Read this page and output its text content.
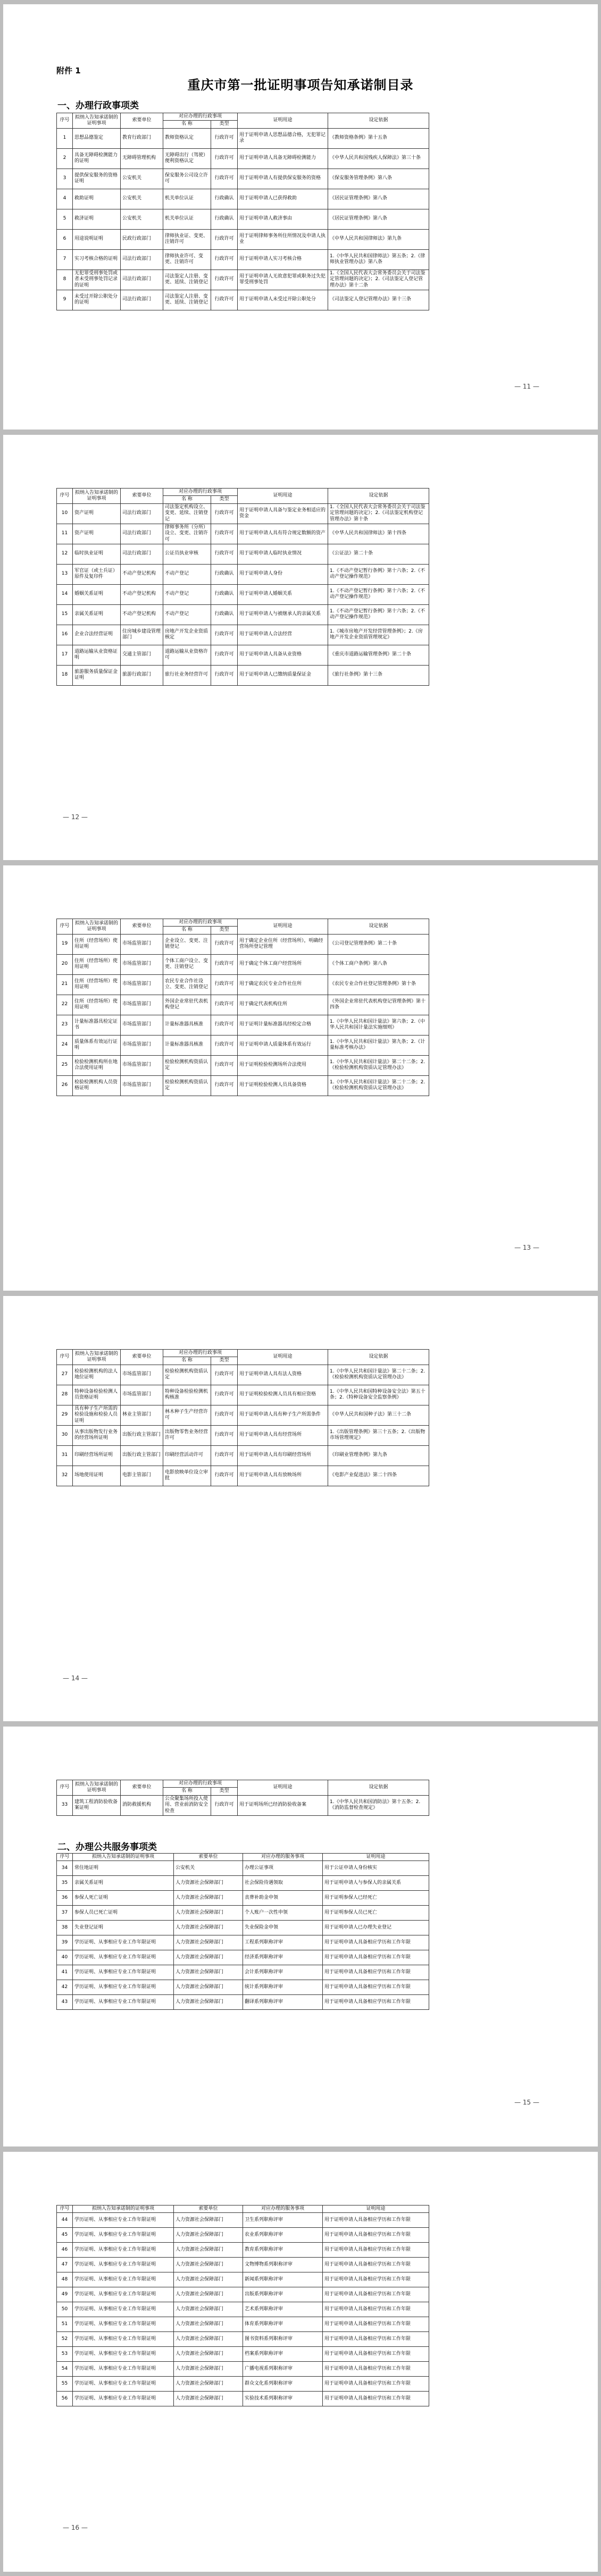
附件 1
重庆市第一批证明事项告知承诺制目录
一、办理行政事项类
序号	拟纳入告知承诺制的证明事项	索要单位	对应办理的行政事项		证明用途	设定依据
			名 称	类型		
1	思想品德鉴定	教育行政部门	教师资格认定	行政许可	用于证明申请人思想品德合格，无犯罪记录	《教师资格条例》第十五条
2	具备无障碍检测能力的证明	无障碍管理机构	无障碍出行（驾驶）便利资格认定	行政许可	用于证明申请人具备无障碍检测能力	《中华人民共和国残疾人保障法》第三十条
3	提供保安服务的资格证明	公安机关	保安服务公司设立许可	行政许可	用于证明申请人有提供保安服务的资格	《保安服务管理条例》第八条
4	救助证明	公安机关	机关单位认证	行政确认	用于证明申请人已获得救助	《居民证管理条例》第八条
5	救济证明	公安机关	机关单位认证	行政确认	用于证明申请人救济事由	《居民证管理条例》第八条
6	用途说明证明	民政行政部门	律师执业证、变更、注销许可	行政许可	用于证明律师事务所住所情况及申请人执业	《中华人民共和国律师法》第九条
7	实习考核合格的证明	司法行政部门	律师执业许可、变更、注销许可	行政许可	用于证明申请人实习考核合格	1.《中华人民共和国律师法》第五条；2.《律师执业管理办法》第八条
8	无犯罪受刑事处罚或者未受刑事处罚记录的证明	司法行政部门	司法鉴定人注册、变更、延续、注销登记	行政许可	用于证明申请人无故意犯罪或职务过失犯罪受刑事处罚	1.《全国人民代表大会常务委员会关于司法鉴定管理问题的决定》；2.《司法鉴定人登记管理办法》第十二条
9	未受过开除公职处分的证明	司法行政部门	司法鉴定人注册、变更、延续、注销登记	行政许可	用于证明申请人未受过开除公职处分	《司法鉴定人登记管理办法》第十三条
— 11 —
序号	拟纳入告知承诺制的证明事项	索要单位	对应办理的行政事项		证明用途	设定依据
			名 称	类型		
10	资产证明	司法行政部门	司法鉴定机构设立、变更、延续、注销登记	行政许可	用于证明申请人具备与鉴定业务相适应的资金	1.《全国人民代表大会常务委员会关于司法鉴定管理问题的决定》；2.《司法鉴定机构登记管理办法》第十条
11	资产证明	司法行政部门	律师事务所（分所）设立、变更、注销许可	行政许可	用于证明申请人具有符合规定数额的资产	《中华人民共和国律师法》第十四条
12	临时执业证明	司法行政部门	公证员执业审核	行政许可	用于证明申请人临时执业情况	《公证法》第二十条
13	军官证（或士兵证）原件及复印件	不动产登记机构	不动产登记	行政确认	用于证明申请人身份	1.《不动产登记暂行条例》第十六条；2.《不动产登记操作规范》
14	婚姻关系证明	不动产登记机构	不动产登记	行政确认	用于证明申请人婚姻关系	1.《不动产登记暂行条例》第十六条；2.《不动产登记操作规范》
15	亲属关系证明	不动产登记机构	不动产登记	行政确认	用于证明申请人与被继承人的亲属关系	1.《不动产登记暂行条例》第十六条；2.《不动产登记操作规范》
16	企业合法经营证明	住房城乡建设管理部门	房地产开发企业资质核定	行政许可	用于证明申请人合法经营	1.《城市房地产开发经营管理条例》；2.《房地产开发企业资质管理规定》
17	道路运输从业资格证明	交通主管部门	道路运输从业资格许可	行政许可	用于证明申请人具备从业资格	《重庆市道路运输管理条例》第二十条
18	旅游服务质量保证金证明	旅游行政部门	旅行社业务经营许可	行政许可	用于证明申请人已缴纳质量保证金	《旅行社条例》第十三条
— 12 —
序号	拟纳入告知承诺制的证明事项	索要单位	对应办理的行政事项		证明用途	设定依据
			名 称	类型		
19	住所（经营场所）使用证明	市场监管部门	企业设立、变更、注销登记	行政许可	用于确定企业住所（经营场所），明确经营场所登记管理	《公司登记管理条例》第二十条
20	住所（经营场所）使用证明	市场监管部门	个体工商户设立、变更、注销登记	行政许可	用于确定个体工商户经营场所	《个体工商户条例》第八条
21	住所（经营场所）使用证明	市场监管部门	农民专业合作社设立、变更、注销登记	行政许可	用于确定农民专业合作社住所	《农民专业合作社登记管理条例》第十条
22	住所（经营场所）使用证明	市场监管部门	外国企业常驻代表机构登记	行政许可	用于确定代表机构住所	《外国企业常驻代表机构登记管理条例》第十四条
23	计量标准器具检定证书	市场监管部门	计量标准器具核准	行政许可	用于证明计量标准器具经检定合格	1.《中华人民共和国计量法》第六条；2.《中华人民共和国计量法实施细则》
24	质量体系有效运行证明	市场监管部门	计量标准器具核准	行政许可	用于证明申请人质量体系有效运行	1.《中华人民共和国计量法》第九条；2.《计量标准考核办法》
25	检验检测机构所在地合法使用证明	市场监管部门	检验检测机构资质认定	行政许可	用于证明检验检测场所合法使用	1.《中华人民共和国计量法》第二十二条；2.《检验检测机构资质认定管理办法》
26	检验检测机构人员资格证明	市场监管部门	检验检测机构资质认定	行政许可	用于证明检验检测人员具备资格	1.《中华人民共和国计量法》第二十二条；2.《检验检测机构资质认定管理办法》
— 13 —
序号	拟纳入告知承诺制的证明事项	索要单位	对应办理的行政事项		证明用途	设定依据
			名 称	类型		
27	检验检测机构的法人地位证明	市场监管部门	检验检测机构资质认定	行政许可	用于证明申请人具有法人资格	1.《中华人民共和国计量法》第二十二条；2.《检验检测机构资质认定管理办法》
28	特种设备检验检测人员资格证明	市场监管部门	特种设备检验检测机构核准	行政许可	用于证明检验检测人员具有相应资格	1.《中华人民共和国特种设备安全法》第五十条；2.《特种设备安全监察条例》
29	具有种子生产所需的检验设施和检验人员证明	林业主管部门	林木种子生产经营许可	行政许可	用于证明申请人具有种子生产所需条件	《中华人民共和国种子法》第三十二条
30	从事出版物发行业务的经营场所证明	出版行政主管部门	出版物零售业务经营许可	行政许可	用于证明申请人具有经营场所	1.《出版管理条例》第三十五条；2.《出版物市场管理规定》
31	印刷经营场所证明	出版行政主管部门	印刷经营活动许可	行政许可	用于证明申请人具有印刷经营场所	《印刷业管理条例》第九条
32	场地使用证明	电影主管部门	电影放映单位设立审批	行政许可	用于证明申请人具有放映场所	《电影产业促进法》第二十四条
— 14 —
序号	拟纳入告知承诺制的证明事项	索要单位	对应办理的行政事项		证明用途	设定依据
			名 称	类型		
33	建筑工程消防验收备案证明	消防救援机构	公众聚集场所投入使用、营业前消防安全检查	行政许可	用于证明场所已经消防验收备案	1.《中华人民共和国消防法》第十五条；2.《消防监督检查规定》
二、办理公共服务事项类
序号	拟纳入告知承诺制的证明事项	索要单位	对应办理的服务事项	证明用途
34	常住地证明	公安机关	办理公证事项	用于公证申请人身份核实
35	亲属关系证明	人力资源社会保障部门	社会保险待遇领取	用于证明申请人与参保人的亲属关系
36	参保人死亡证明	人力资源社会保障部门	丧葬补助金申领	用于证明参保人已经死亡
37	参保人员已死亡证明	人力资源社会保障部门	个人账户一次性申领	用于证明参保人员已死亡
38	失业登记证明	人力资源社会保障部门	失业保险金申领	用于证明申请人已办理失业登记
39	学历证明、从事相应专业工作年限证明	人力资源社会保障部门	工程系列职称评审	用于证明申请人具备相应学历和工作年限
40	学历证明、从事相应专业工作年限证明	人力资源社会保障部门	经济系列职称评审	用于证明申请人具备相应学历和工作年限
41	学历证明、从事相应专业工作年限证明	人力资源社会保障部门	会计系列职称评审	用于证明申请人具备相应学历和工作年限
42	学历证明、从事相应专业工作年限证明	人力资源社会保障部门	统计系列职称评审	用于证明申请人具备相应学历和工作年限
43	学历证明、从事相应专业工作年限证明	人力资源社会保障部门	翻译系列职称评审	用于证明申请人具备相应学历和工作年限
— 15 —
序号	拟纳入告知承诺制的证明事项	索要单位	对应办理的服务事项	证明用途
44	学历证明、从事相应专业工作年限证明	人力资源社会保障部门	卫生系列职称评审	用于证明申请人具备相应学历和工作年限
45	学历证明、从事相应专业工作年限证明	人力资源社会保障部门	农业系列职称评审	用于证明申请人具备相应学历和工作年限
46	学历证明、从事相应专业工作年限证明	人力资源社会保障部门	教育系列职称评审	用于证明申请人具备相应学历和工作年限
47	学历证明、从事相应专业工作年限证明	人力资源社会保障部门	文物博物系列职称评审	用于证明申请人具备相应学历和工作年限
48	学历证明、从事相应专业工作年限证明	人力资源社会保障部门	新闻系列职称评审	用于证明申请人具备相应学历和工作年限
49	学历证明、从事相应专业工作年限证明	人力资源社会保障部门	出版系列职称评审	用于证明申请人具备相应学历和工作年限
50	学历证明、从事相应专业工作年限证明	人力资源社会保障部门	艺术系列职称评审	用于证明申请人具备相应学历和工作年限
51	学历证明、从事相应专业工作年限证明	人力资源社会保障部门	体育系列职称评审	用于证明申请人具备相应学历和工作年限
52	学历证明、从事相应专业工作年限证明	人力资源社会保障部门	图书资料系列职称评审	用于证明申请人具备相应学历和工作年限
53	学历证明、从事相应专业工作年限证明	人力资源社会保障部门	档案系列职称评审	用于证明申请人具备相应学历和工作年限
54	学历证明、从事相应专业工作年限证明	人力资源社会保障部门	广播电视系列职称评审	用于证明申请人具备相应学历和工作年限
55	学历证明、从事相应专业工作年限证明	人力资源社会保障部门	群众文化系列职称评审	用于证明申请人具备相应学历和工作年限
56	学历证明、从事相应专业工作年限证明	人力资源社会保障部门	实验技术系列职称评审	用于证明申请人具备相应学历和工作年限
— 16 —
